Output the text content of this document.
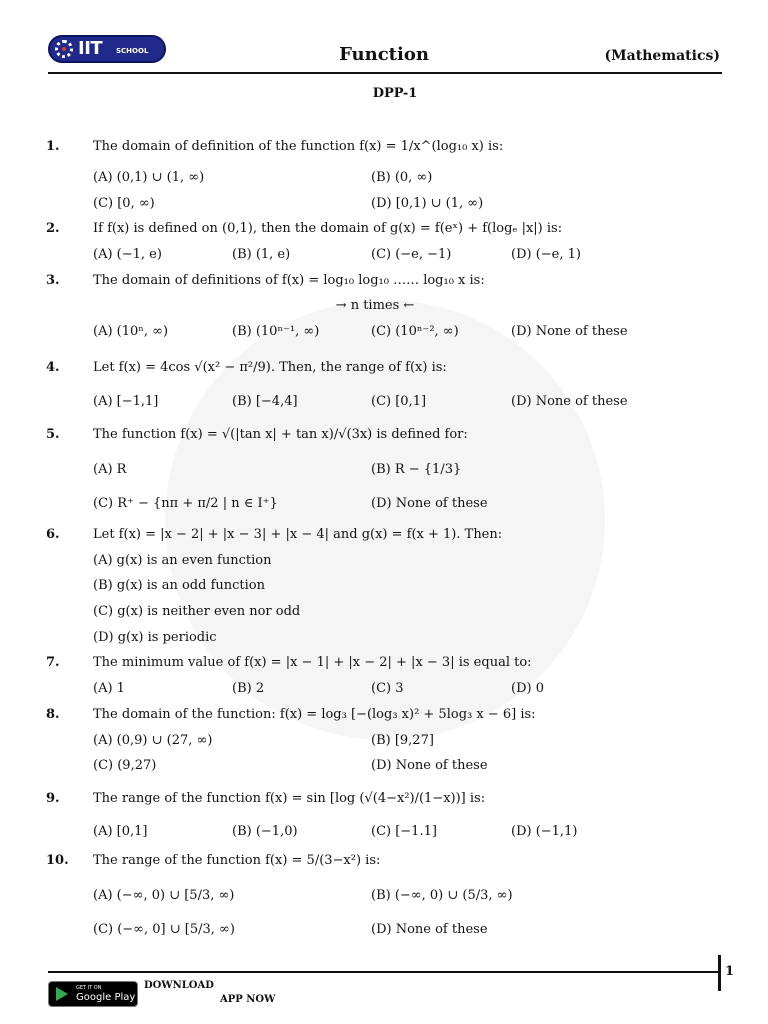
IIT SCHOOL	Function	(Mathematics)
DPP-1
1.	The domain of definition of the function f(x) = 1/x^(log₁₀ x) is:
(A) (0,1) ∪ (1, ∞)	(B) (0, ∞)
(C) [0, ∞)	(D) [0,1) ∪ (1, ∞)
2.	If f(x) is defined on (0,1), then the domain of g(x) = f(eˣ) + f(logₑ |x|) is:
(A) (−1, e)	(B) (1, e)	(C) (−e, −1)	(D) (−e, 1)
3.	The domain of definitions of f(x) = log₁₀ log₁₀ …… log₁₀ x is:
→ n times ←
(A) (10ⁿ, ∞)	(B) (10ⁿ⁻¹, ∞)	(C) (10ⁿ⁻², ∞)	(D) None of these
4.	Let f(x) = 4cos √(x² − π²/9). Then, the range of f(x) is:
(A) [−1,1]	(B) [−4,4]	(C) [0,1]	(D) None of these
5.	The function f(x) = √(|tan x| + tan x)/√(3x) is defined for:
(A) R	(B) R − {1/3}
(C) R⁺ − {nπ + π/2 | n ∈ I⁺}	(D) None of these
6.	Let f(x) = |x − 2| + |x − 3| + |x − 4| and g(x) = f(x + 1). Then:
(A) g(x) is an even function
(B) g(x) is an odd function
(C) g(x) is neither even nor odd
(D) g(x) is periodic
7.	The minimum value of f(x) = |x − 1| + |x − 2| + |x − 3| is equal to:
(A) 1	(B) 2	(C) 3	(D) 0
8.	The domain of the function: f(x) = log₃ [−(log₃ x)² + 5log₃ x − 6] is:
(A) (0,9) ∪ (27, ∞)	(B) [9,27]
(C) (9,27)	(D) None of these
9.	The range of the function f(x) = sin [log (√(4−x²)/(1−x))] is:
(A) [0,1]	(B) (−1,0)	(C) [−1.1]	(D) (−1,1)
10. The range of the function f(x) = 5/(3−x²) is:
(A) (−∞, 0) ∪ [5/3, ∞)	(B) (−∞, 0) ∪ (5/3, ∞)
(C) (−∞, 0] ∪ [5/3, ∞)	(D) None of these
1
GET IT ON
Google Play
DOWNLOAD
APP NOW
